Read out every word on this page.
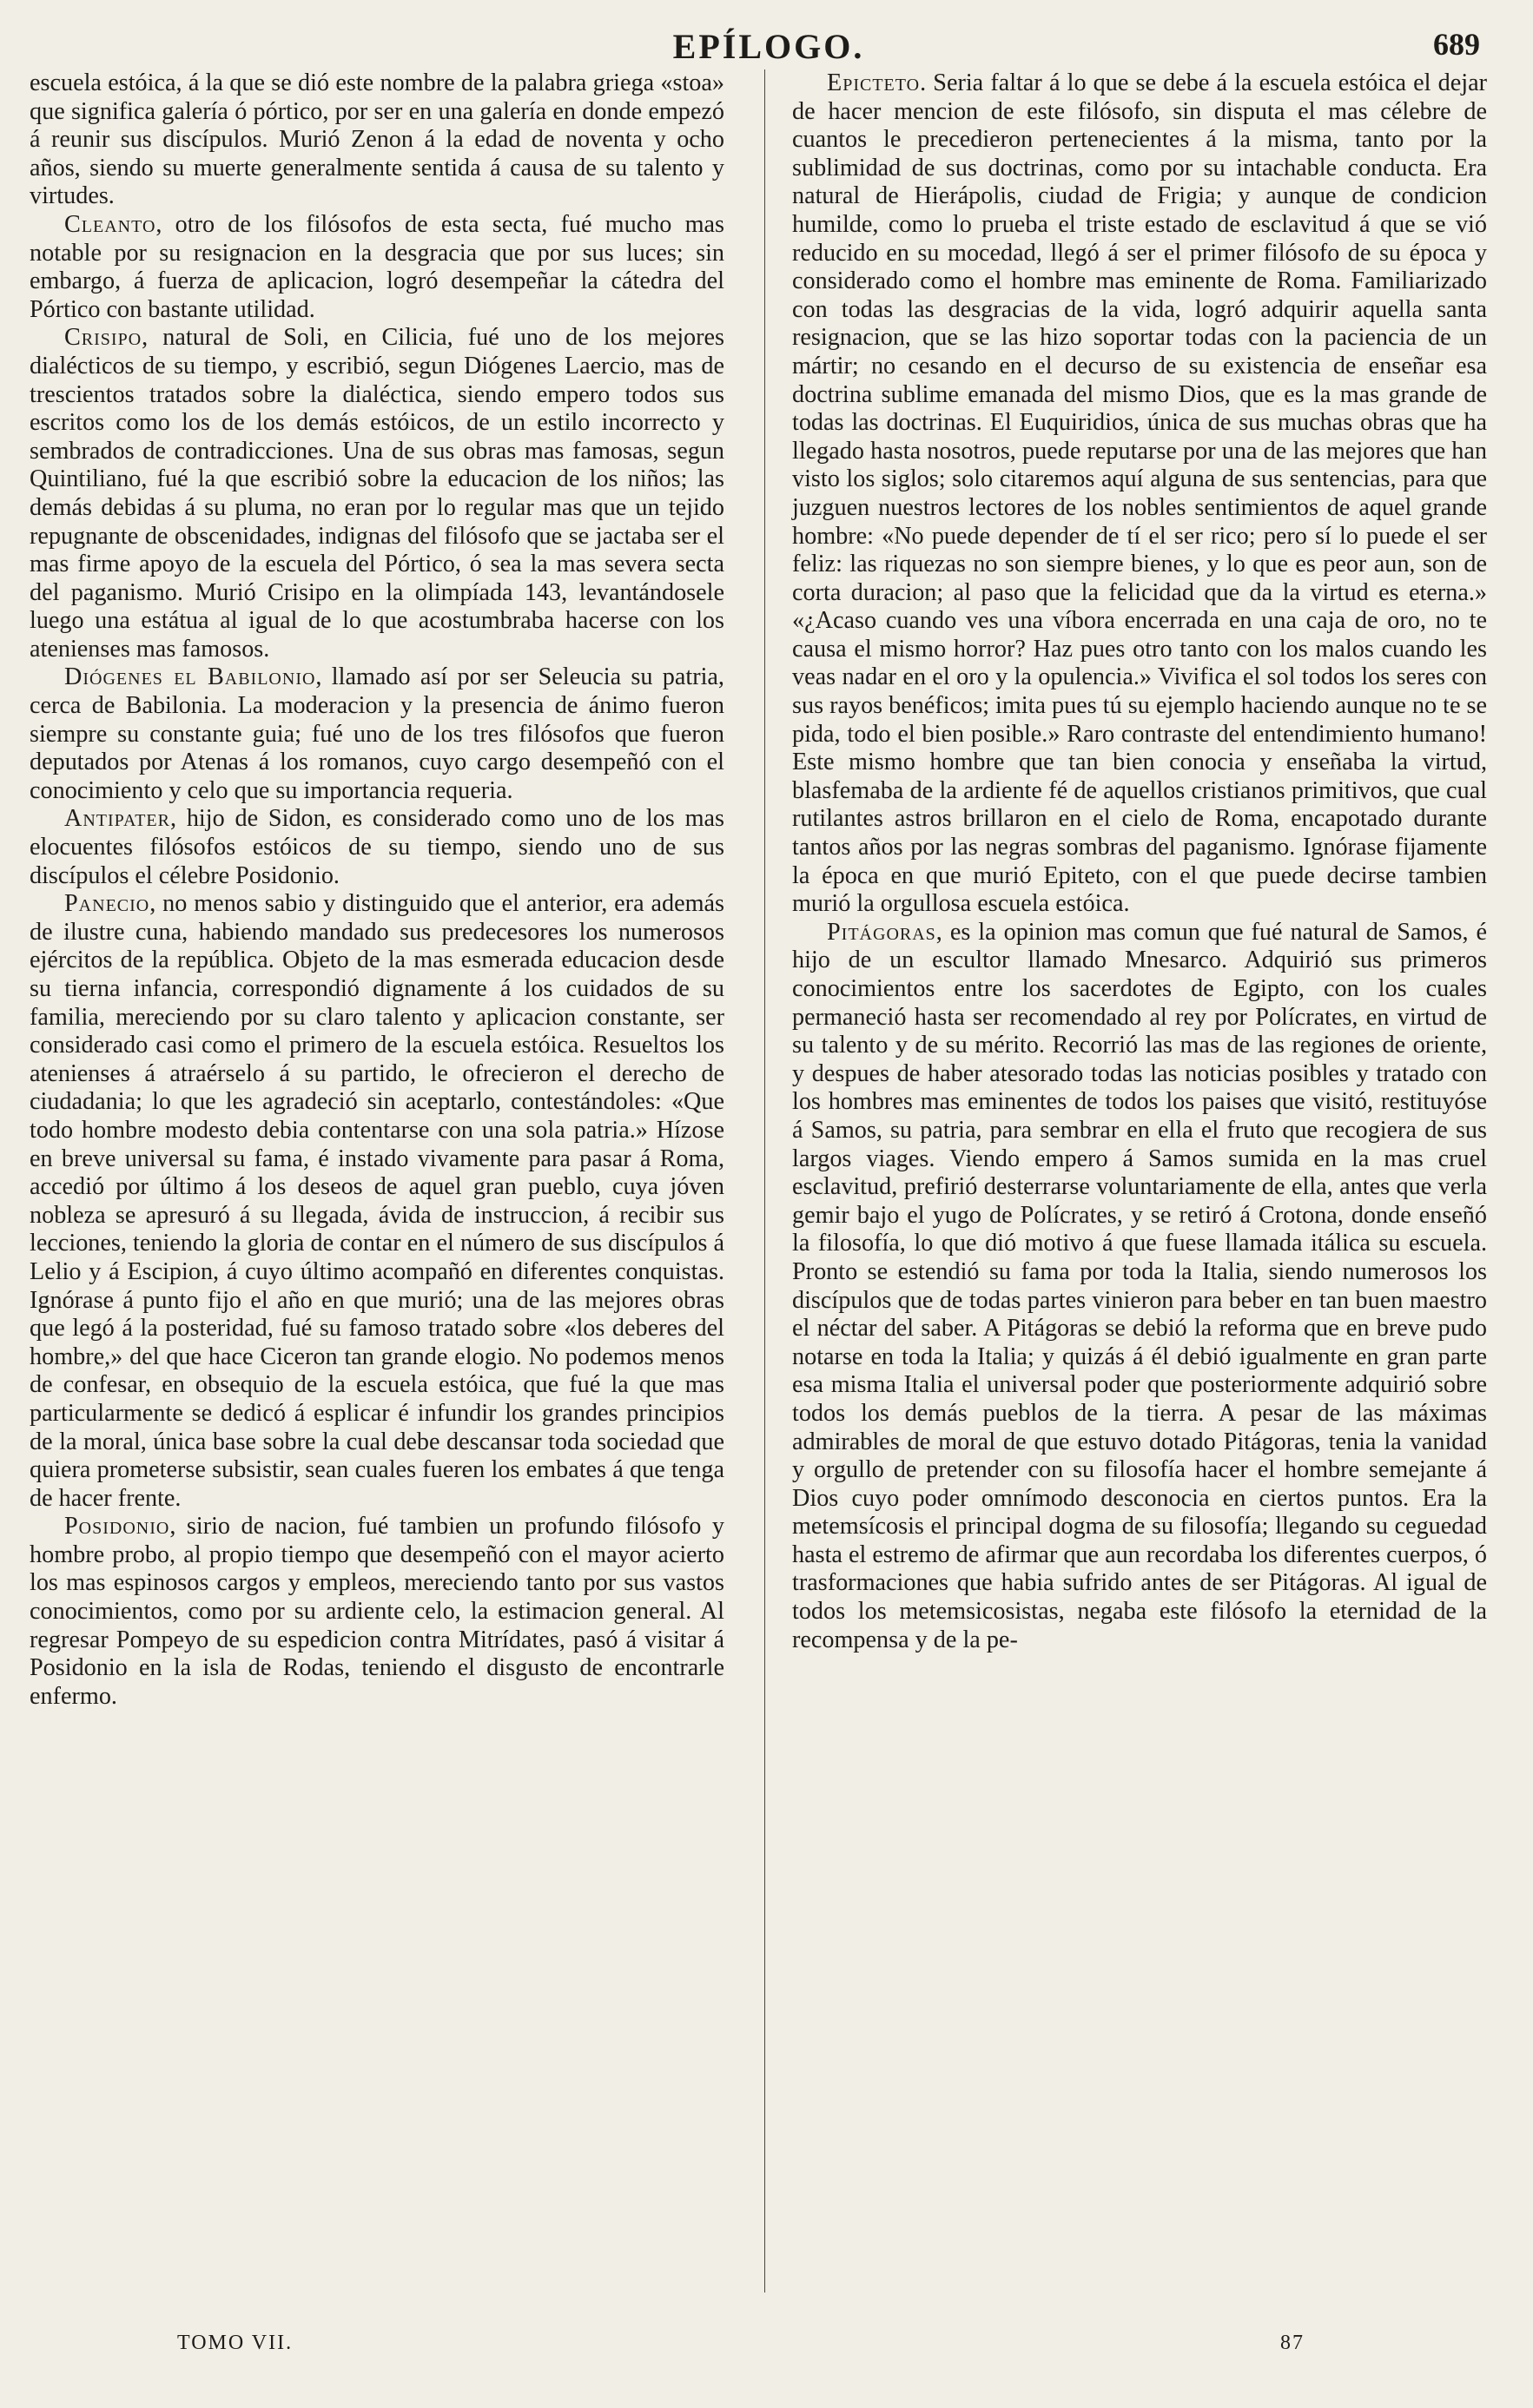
EPÍLOGO.	689

escuela estóica, á la que se dió este nombre de la palabra griega «stoa» que significa galería ó pórtico, por ser en una galería en donde empezó á reunir sus discípulos. Murió Zenon á la edad de noventa y ocho años, siendo su muerte generalmente sentida á causa de su talento y virtudes.

Cleanto, otro de los filósofos de esta secta, fué mucho mas notable por su resignacion en la desgracia que por sus luces; sin embargo, á fuerza de aplicacion, logró desempeñar la cátedra del Pórtico con bastante utilidad.

Crisipo, natural de Soli, en Cilicia, fué uno de los mejores dialécticos de su tiempo, y escribió, segun Diógenes Laercio, mas de trescientos tratados sobre la dialéctica, siendo empero todos sus escritos como los de los demás estóicos, de un estilo incorrecto y sembrados de contradicciones. Una de sus obras mas famosas, segun Quintiliano, fué la que escribió sobre la educacion de los niños; las demás debidas á su pluma, no eran por lo regular mas que un tejido repugnante de obscenidades, indignas del filósofo que se jactaba ser el mas firme apoyo de la escuela del Pórtico, ó sea la mas severa secta del paganismo. Murió Crisipo en la olimpíada 143, levantándosele luego una estátua al igual de lo que acostumbraba hacerse con los atenienses mas famosos.

Diógenes el Babilonio, llamado así por ser Seleucia su patria, cerca de Babilonia. La moderacion y la presencia de ánimo fueron siempre su constante guia; fué uno de los tres filósofos que fueron deputados por Atenas á los romanos, cuyo cargo desempeñó con el conocimiento y celo que su importancia requeria.

Antipater, hijo de Sidon, es considerado como uno de los mas elocuentes filósofos estóicos de su tiempo, siendo uno de sus discípulos el célebre Posidonio.

Panecio, no menos sabio y distinguido que el anterior, era además de ilustre cuna, habiendo mandado sus predecesores los numerosos ejércitos de la república. Objeto de la mas esmerada educacion desde su tierna infancia, correspondió dignamente á los cuidados de su familia, mereciendo por su claro talento y aplicacion constante, ser considerado casi como el primero de la escuela estóica. Resueltos los atenienses á atraérselo á su partido, le ofrecieron el derecho de ciudadania; lo que les agradeció sin aceptarlo, contestándoles: «Que todo hombre modesto debia contentarse con una sola patria.» Hízose en breve universal su fama, é instado vivamente para pasar á Roma, accedió por último á los deseos de aquel gran pueblo, cuya jóven nobleza se apresuró á su llegada, ávida de instruccion, á recibir sus lecciones, teniendo la gloria de contar en el número de sus discípulos á Lelio y á Escipion, á cuyo último acompañó en diferentes conquistas. Ignórase á punto fijo el año en que murió; una de las mejores obras que legó á la posteridad, fué su famoso tratado sobre «los deberes del hombre,» del que hace Ciceron tan grande elogio. No podemos menos de confesar, en obsequio de la escuela estóica, que fué la que mas particularmente se dedicó á esplicar é infundir los grandes principios de la moral, única base sobre la cual debe descansar toda sociedad que quiera prometerse subsistir, sean cuales fueren los embates á que tenga de hacer frente.

Posidonio, sirio de nacion, fué tambien un profundo filósofo y hombre probo, al propio tiempo que desempeñó con el mayor acierto los mas espinosos cargos y empleos, mereciendo tanto por sus vastos conocimientos, como por su ardiente celo, la estimacion general. Al regresar Pompeyo de su espedicion contra Mitrídates, pasó á visitar á Posidonio en la isla de Rodas, teniendo el disgusto de encontrarle enfermo.

Epicteto. Seria faltar á lo que se debe á la escuela estóica el dejar de hacer mencion de este filósofo, sin disputa el mas célebre de cuantos le precedieron pertenecientes á la misma, tanto por la sublimidad de sus doctrinas, como por su intachable conducta. Era natural de Hierápolis, ciudad de Frigia; y aunque de condicion humilde, como lo prueba el triste estado de esclavitud á que se vió reducido en su mocedad, llegó á ser el primer filósofo de su época y considerado como el hombre mas eminente de Roma. Familiarizado con todas las desgracias de la vida, logró adquirir aquella santa resignacion, que se las hizo soportar todas con la paciencia de un mártir; no cesando en el decurso de su existencia de enseñar esa doctrina sublime emanada del mismo Dios, que es la mas grande de todas las doctrinas. El Euquiridios, única de sus muchas obras que ha llegado hasta nosotros, puede reputarse por una de las mejores que han visto los siglos; solo citaremos aquí alguna de sus sentencias, para que juzguen nuestros lectores de los nobles sentimientos de aquel grande hombre: «No puede depender de tí el ser rico; pero sí lo puede el ser feliz: las riquezas no son siempre bienes, y lo que es peor aun, son de corta duracion; al paso que la felicidad que da la virtud es eterna.» «¿Acaso cuando ves una víbora encerrada en una caja de oro, no te causa el mismo horror? Haz pues otro tanto con los malos cuando les veas nadar en el oro y la opulencia.» Vivifica el sol todos los seres con sus rayos benéficos; imita pues tú su ejemplo haciendo aunque no te se pida, todo el bien posible.» Raro contraste del entendimiento humano! Este mismo hombre que tan bien conocia y enseñaba la virtud, blasfemaba de la ardiente fé de aquellos cristianos primitivos, que cual rutilantes astros brillaron en el cielo de Roma, encapotado durante tantos años por las negras sombras del paganismo. Ignórase fijamente la época en que murió Epiteto, con el que puede decirse tambien murió la orgullosa escuela estóica.

Pitágoras, es la opinion mas comun que fué natural de Samos, é hijo de un escultor llamado Mnesarco. Adquirió sus primeros conocimientos entre los sacerdotes de Egipto, con los cuales permaneció hasta ser recomendado al rey por Polícrates, en virtud de su talento y de su mérito. Recorrió las mas de las regiones de oriente, y despues de haber atesorado todas las noticias posibles y tratado con los hombres mas eminentes de todos los paises que visitó, restituyóse á Samos, su patria, para sembrar en ella el fruto que recogiera de sus largos viages. Viendo empero á Samos sumida en la mas cruel esclavitud, prefirió desterrarse voluntariamente de ella, antes que verla gemir bajo el yugo de Polícrates, y se retiró á Crotona, donde enseñó la filosofía, lo que dió motivo á que fuese llamada itálica su escuela. Pronto se estendió su fama por toda la Italia, siendo numerosos los discípulos que de todas partes vinieron para beber en tan buen maestro el néctar del saber. A Pitágoras se debió la reforma que en breve pudo notarse en toda la Italia; y quizás á él debió igualmente en gran parte esa misma Italia el universal poder que posteriormente adquirió sobre todos los demás pueblos de la tierra. A pesar de las máximas admirables de moral de que estuvo dotado Pitágoras, tenia la vanidad y orgullo de pretender con su filosofía hacer el hombre semejante á Dios cuyo poder omnímodo desconocia en ciertos puntos. Era la metemsícosis el principal dogma de su filosofía; llegando su ceguedad hasta el estremo de afirmar que aun recordaba los diferentes cuerpos, ó trasformaciones que habia sufrido antes de ser Pitágoras. Al igual de todos los metemsicosistas, negaba este filósofo la eternidad de la recompensa y de la pe-

TOMO VII.	87
